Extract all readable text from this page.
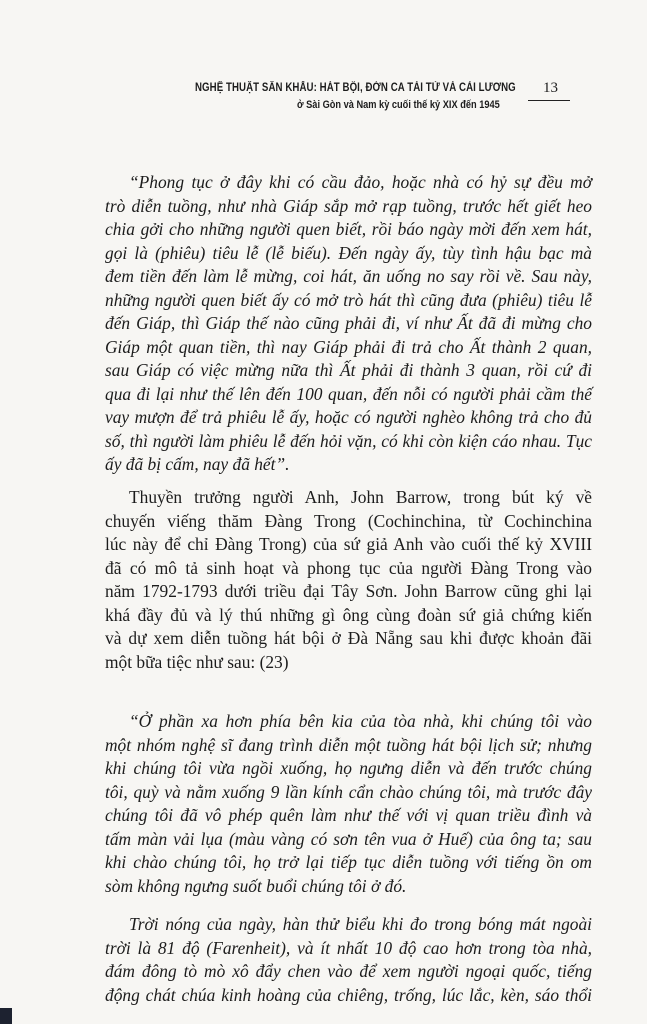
NGHỆ THUẬT SÂN KHẤU: HÁT BỘI, ĐỜN CA TÀI TỬ VÀ CẢI LƯƠNG
ở Sài Gòn và Nam kỳ cuối thế kỷ XIX đến 1945
13
“Phong tục ở đây khi có cầu đảo, hoặc nhà có hỷ sự đều mở
trò diễn tuồng, như nhà Giáp sắp mở rạp tuồng, trước hết giết heo
chia gởi cho những người quen biết, rồi báo ngày mời đến xem hát,
gọi là (phiêu) tiêu lễ (lễ biếu). Đến ngày ấy, tùy tình hậu bạc mà
đem tiền đến làm lễ mừng, coi hát, ăn uống no say rồi về. Sau này,
những người quen biết ấy có mở trò hát thì cũng đưa (phiêu) tiêu lễ
đến Giáp, thì Giáp thế nào cũng phải đi, ví như Ất đã đi mừng cho
Giáp một quan tiền, thì nay Giáp phải đi trả cho Ất thành 2 quan,
sau Giáp có việc mừng nữa thì Ất phải đi thành 3 quan, rồi cứ đi
qua đi lại như thế lên đến 100 quan, đến nỗi có người phải cầm thế
vay mượn để trả phiêu lễ ấy, hoặc có người nghèo không trả cho đủ
số, thì người làm phiêu lễ đến hỏi vặn, có khi còn kiện cáo nhau. Tục
ấy đã bị cấm, nay đã hết”.
Thuyền trưởng người Anh, John Barrow, trong bút ký về
chuyến viếng thăm Đàng Trong (Cochinchina, từ Cochinchina
lúc này để chỉ Đàng Trong) của sứ giả Anh vào cuối thế kỷ XVIII
đã có mô tả sinh hoạt và phong tục của người Đàng Trong vào
năm 1792-1793 dưới triều đại Tây Sơn. John Barrow cũng ghi lại
khá đầy đủ và lý thú những gì ông cùng đoàn sứ giả chứng kiến
và dự xem diễn tuồng hát bội ở Đà Nẵng sau khi được khoản đãi
một bữa tiệc như sau: (23)
“Ở phần xa hơn phía bên kia của tòa nhà, khi chúng tôi vào
một nhóm nghệ sĩ đang trình diễn một tuồng hát bội lịch sử; nhưng
khi chúng tôi vừa ngồi xuống, họ ngưng diễn và đến trước chúng
tôi, quỳ và nằm xuống 9 lần kính cẩn chào chúng tôi, mà trước đây
chúng tôi đã vô phép quên làm như thế với vị quan triều đình và
tấm màn vải lụa (màu vàng có sơn tên vua ở Huế) của ông ta; sau
khi chào chúng tôi, họ trở lại tiếp tục diễn tuồng với tiếng ồn om
sòm không ngưng suốt buổi chúng tôi ở đó.
Trời nóng của ngày, hàn thử biểu khi đo trong bóng mát ngoài
trời là 81 độ (Farenheit), và ít nhất 10 độ cao hơn trong tòa nhà,
đám đông tò mò xô đẩy chen vào để xem người ngoại quốc, tiếng
động chát chúa kinh hoàng của chiêng, trống, lúc lắc, kèn, sáo thổi
